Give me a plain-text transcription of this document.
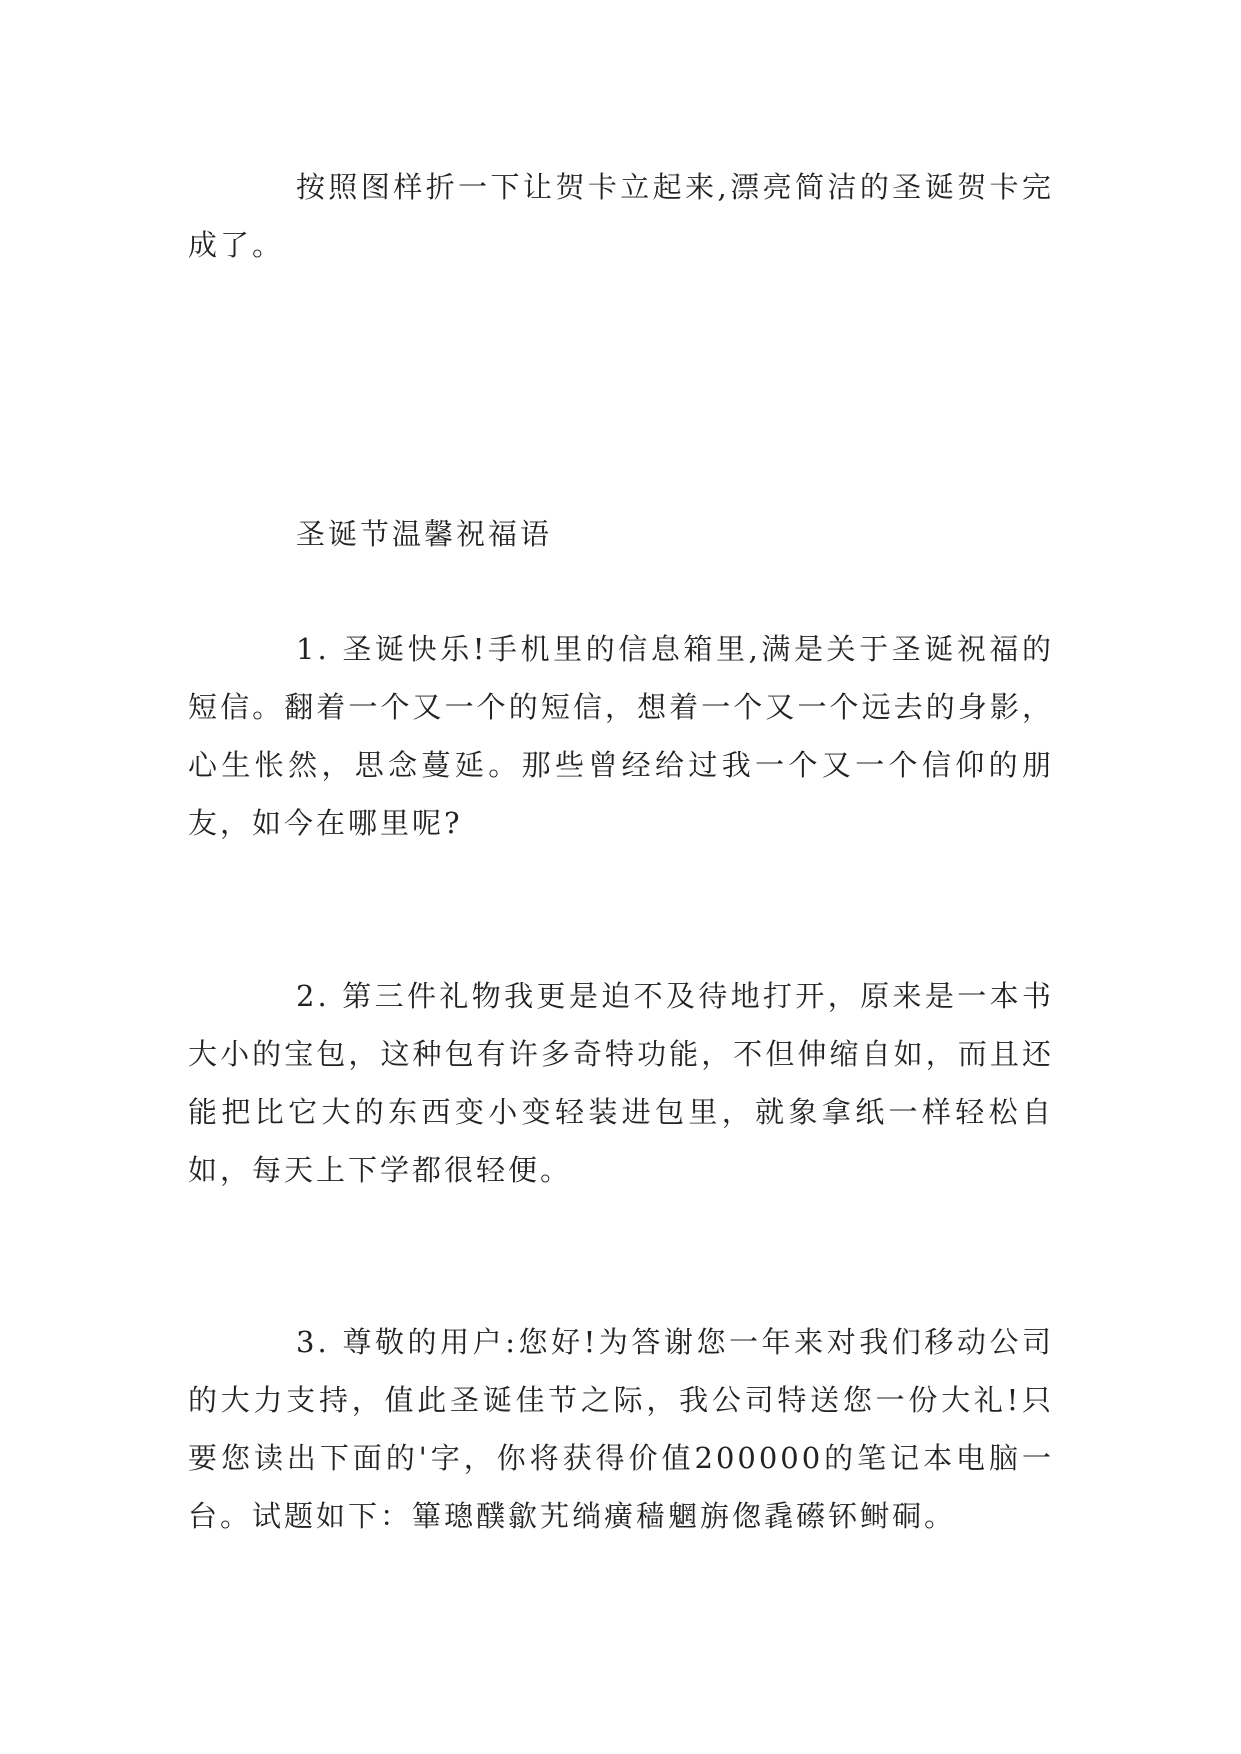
按照图样折一下让贺卡立起来,漂亮简洁的圣诞贺卡完成了。

圣诞节温馨祝福语

1. 圣诞快乐!手机里的信息箱里,满是关于圣诞祝福的短信。翻着一个又一个的短信，想着一个又一个远去的身影，心生怅然，思念蔓延。那些曾经给过我一个又一个信仰的朋友，如今在哪里呢?

2. 第三件礼物我更是迫不及待地打开，原来是一本书大小的宝包，这种包有许多奇特功能，不但伸缩自如，而且还能把比它大的东西变小变轻装进包里，就象拿纸一样轻松自如，每天上下学都很轻便。

3. 尊敬的用户:您好!为答谢您一年来对我们移动公司的大力支持，值此圣诞佳节之际，我公司特送您一份大礼!只要您读出下面的'字，你将获得价值200000的笔记本电脑一台。试题如下：篳璁醭歙艽绱癀穑魍旃偬毳礤钚鲥硐。
